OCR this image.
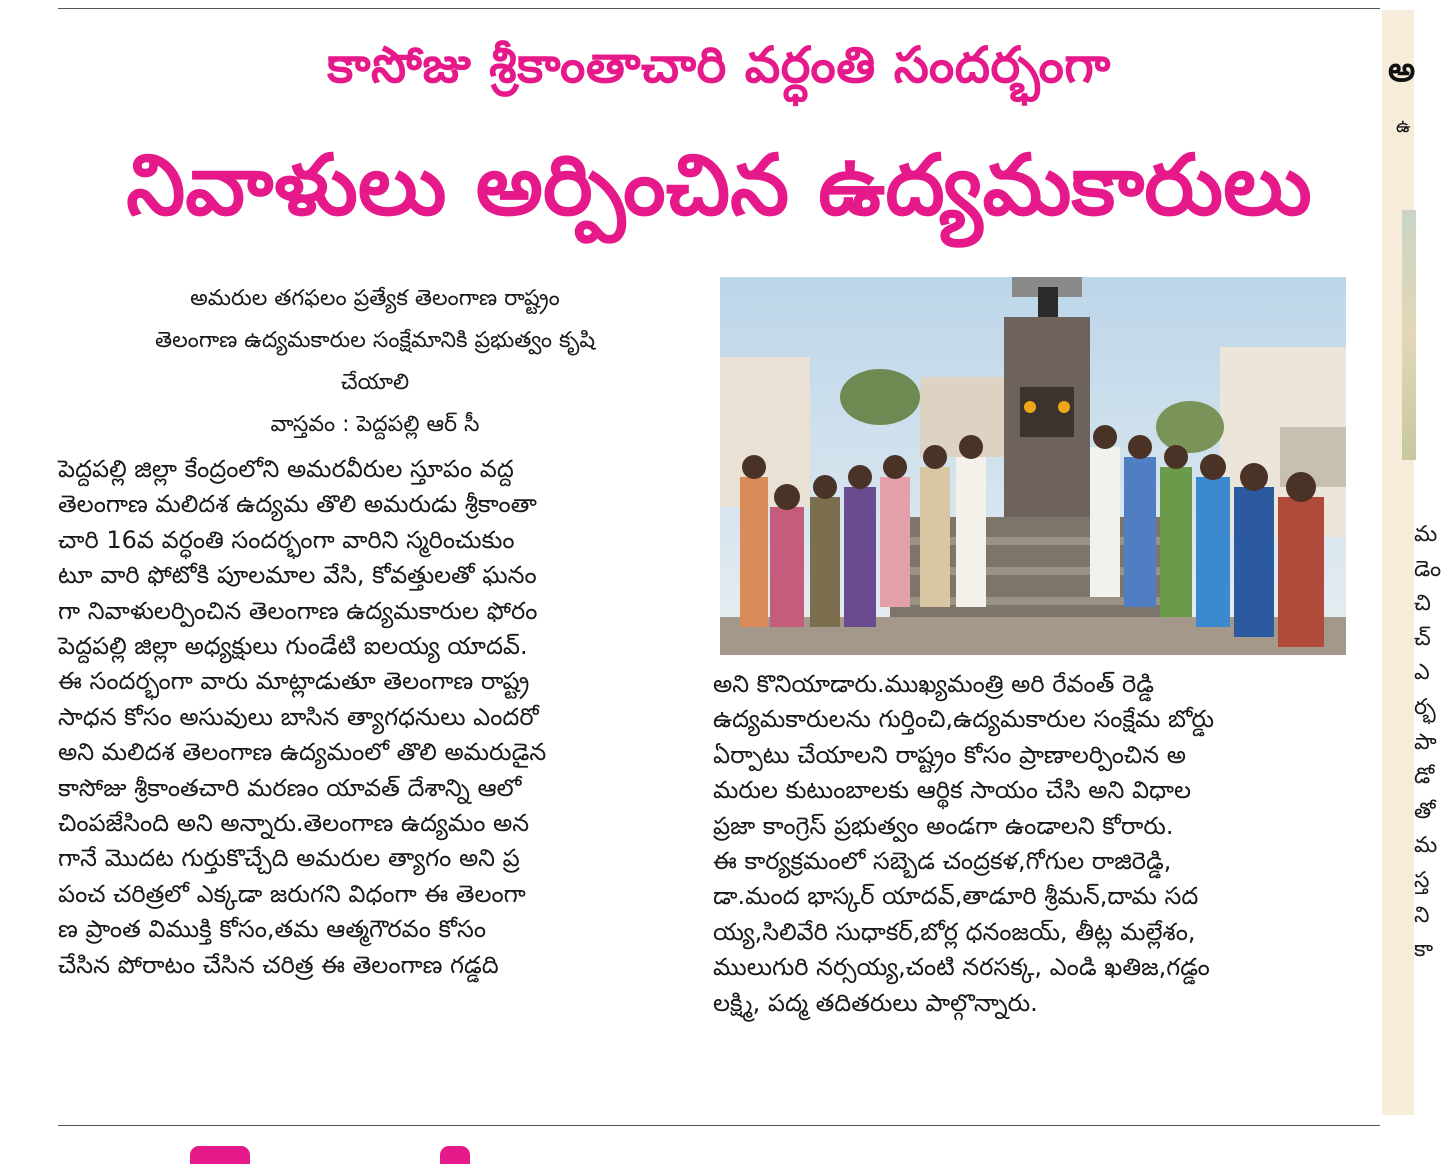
కాసోజు శ్రీకాంతాచారి వర్ధంతి సందర్భంగా
నివాళులు అర్పించిన ఉద్యమకారులు
అమరుల తగఫలం ప్రత్యేక తెలంగాణ రాష్ట్రం
తెలంగాణ ఉద్యమకారుల సంక్షేమానికి ప్రభుత్వం కృషి
చేయాలి
వాస్తవం : పెద్దపల్లి ఆర్ సీ
పెద్దపల్లి జిల్లా కేంద్రంలోని అమరవీరుల స్తూపం వద్ద
తెలంగాణ మలిదశ ఉద్యమ తొలి అమరుడు శ్రీకాంతా
చారి 16వ వర్ధంతి సందర్భంగా వారిని స్మరించుకుం
టూ వారి ఫోటోకి పూలమాల వేసి, కోవత్తులతో ఘనం
గా నివాళులర్పించిన తెలంగాణ ఉద్యమకారుల ఫోరం
పెద్దపల్లి జిల్లా అధ్యక్షులు గుండేటి ఐలయ్య యాదవ్.
ఈ సందర్భంగా వారు మాట్లాడుతూ తెలంగాణ రాష్ట్ర
సాధన కోసం అసువులు బాసిన త్యాగధనులు ఎందరో
అని మలిదశ తెలంగాణ ఉద్యమంలో తొలి అమరుడైన
కాసోజు శ్రీకాంతచారి మరణం యావత్ దేశాన్ని ఆలో
చింపజేసింది అని అన్నారు.తెలంగాణ ఉద్యమం అన
గానే మొదట గుర్తుకొచ్చేది అమరుల త్యాగం అని ప్ర
పంచ చరిత్రలో ఎక్కడా జరుగని విధంగా ఈ తెలంగా
ణ ప్రాంత విముక్తి కోసం,తమ ఆత్మగౌరవం కోసం
చేసిన పోరాటం చేసిన చరిత్ర ఈ తెలంగాణ గడ్డది
అని కొనియాడారు.ముఖ్యమంత్రి అరి రేవంత్ రెడ్డి
ఉద్యమకారులను గుర్తించి,ఉద్యమకారుల సంక్షేమ బోర్డు
ఏర్పాటు చేయాలని రాష్ట్రం కోసం ప్రాణాలర్పించిన అ
మరుల కుటుంబాలకు ఆర్థిక సాయం చేసి అని విధాల
ప్రజా కాంగ్రెస్ ప్రభుత్వం అండగా ఉండాలని కోరారు.
ఈ కార్యక్రమంలో సబ్బెడ చంద్రకళ,గోగుల రాజిరెడ్డి,
డా.మంద భాస్కర్ యాదవ్,తాడూరి శ్రీమన్,దామ సద
య్య,సిలివేరి సుధాకర్,బోర్ల ధనంజయ్, తీట్ల మల్లేశం,
ములుగురి నర్సయ్య,చంటి నరసక్క, ఎండి ఖతిజ,గడ్డం
లక్ష్మి, పద్మ తదితరులు పాల్గొన్నారు.
అ
ఉ
మ
డెం
చి
చ్
ఎ
ర్భ
పా
డో
తో
మ
స్త
ని
కా
